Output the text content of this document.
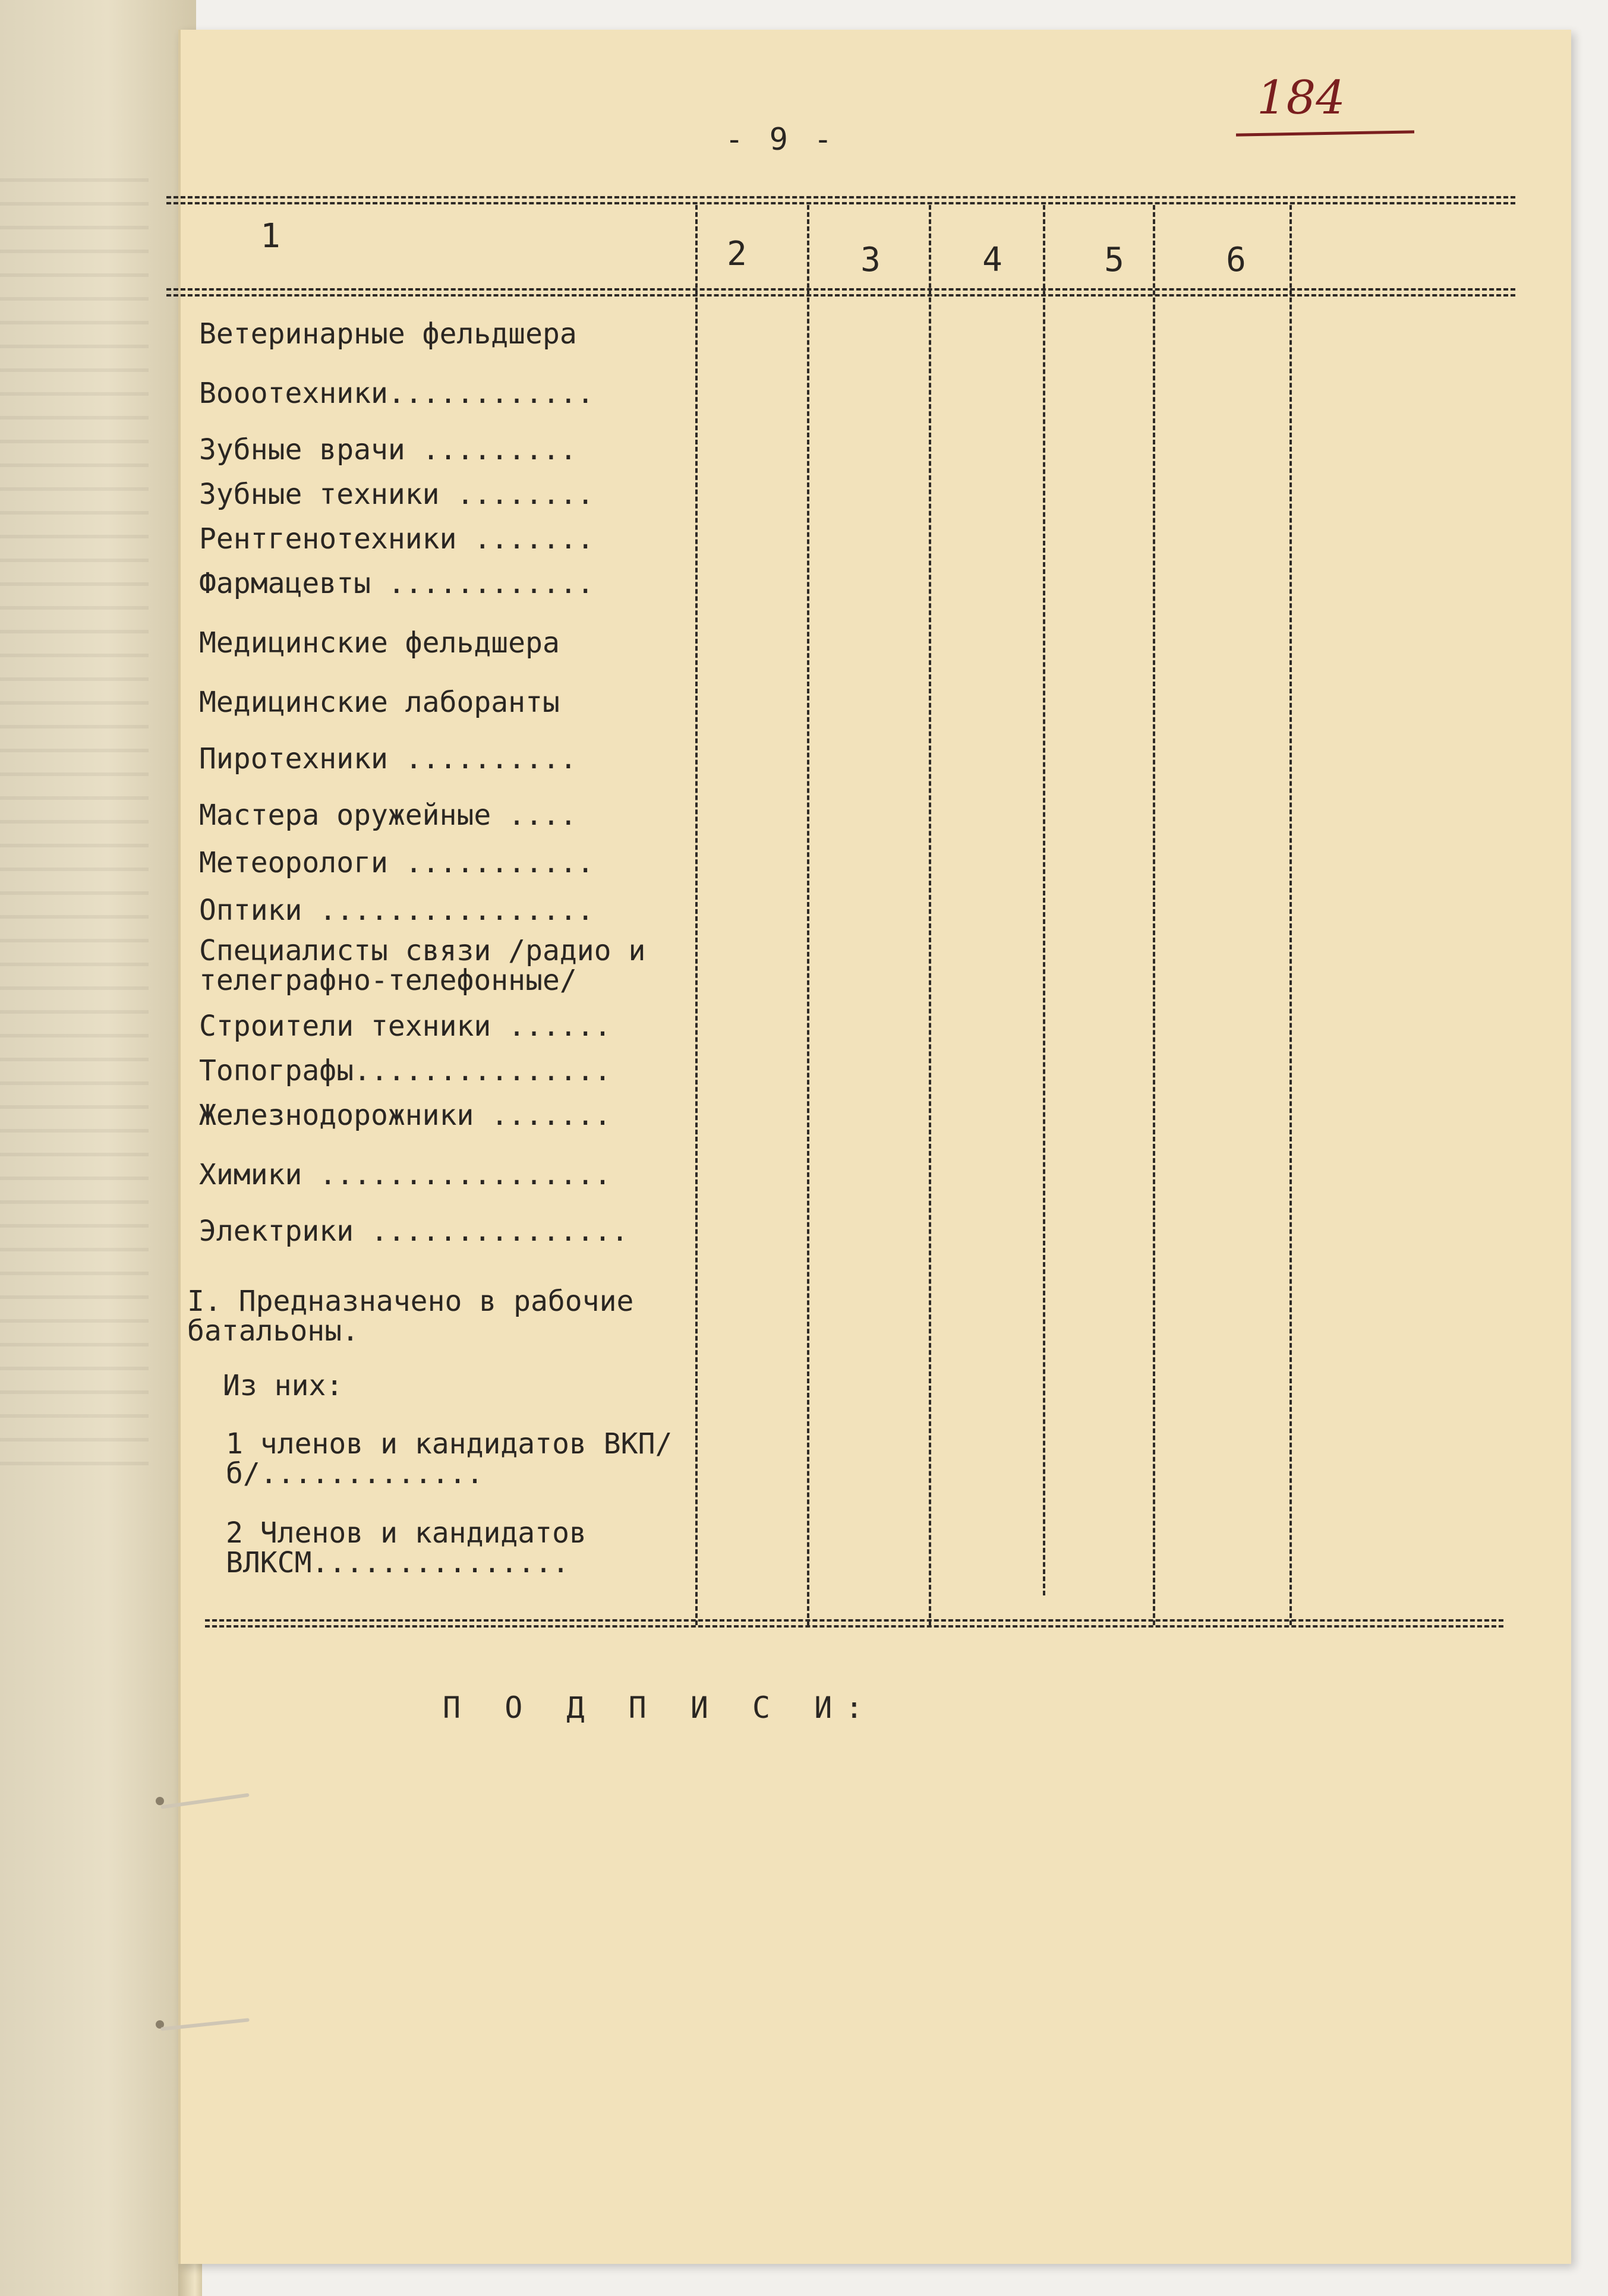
184
- 9 -
1	2	3	4	5	6
Ветеринарные фельдшера
Вооотехники............
Зубные врачи .........
Зубные техники ........
Рентгенотехники .......
Фармацевты ............
Медицинские фельдшера
Медицинские лаборанты
Пиротехники ..........
Мастера оружейные ....
Метеорологи ...........
Оптики ................
Специалисты связи /радио и телеграфно-телефонные/
Строители техники ......
Топографы...............
Железнодорожники .......
Химики .................
Электрики ...............
I. Предназначено в рабочие батальоны.
Из них:
1 членов и кандидатов ВКП/б/.............
2 Членов и кандидатов ВЛКСМ...............
П О Д П И С И:
